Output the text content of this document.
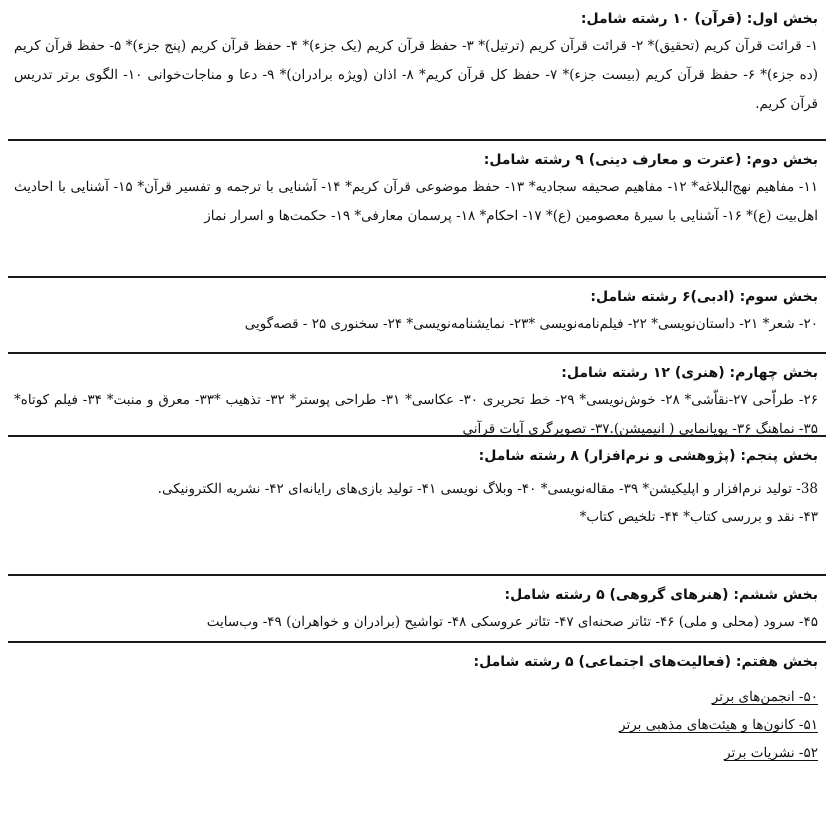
بخش اول: (قرآن) ۱۰ رشته شامل:
۱- قرائت قرآن کریم (تحقیق)* ۲- قرائت قرآن کریم (ترتیل)* ۳- حفظ قرآن کریم (یک جزء)* ۴- حفظ قرآن کریم (پنج جزء)* ۵- حفظ قرآن کریم (ده جزء)* ۶- حفظ قرآن کریم (بیست جزء)* ۷- حفظ کل قرآن کریم* ۸- اذان (ویژه برادران)* ۹- دعا و مناجات‌خوانی ۱۰- الگوی برتر تدریس قرآن کریم.
بخش دوم: (عترت و معارف دینی) ۹ رشته شامل:
۱۱- مفاهیم نهج‌البلاغه* ۱۲- مفاهیم صحیفه سجادیه* ۱۳- حفظ موضوعی قرآن کریم* ۱۴- آشنایی با ترجمه و تفسیر قرآن* ۱۵- آشنایی با احادیث اهل‌بیت (ع)* ۱۶- آشنایی با سیرهٔ معصومین (ع)* ۱۷- احکام* ۱۸- پرسمان معارفی* ۱۹- حکمت‌ها و اسرار نماز
بخش سوم: (ادبی)۶ رشته شامل:
۲۰- شعر* ۲۱- داستان‌نویسی* ۲۲- فیلم‌نامه‌نویسی *۲۳- نمایشنامه‌نویسی* ۲۴- سخنوری ۲۵ - قصه‌گویی
بخش چهارم: (هنری) ۱۲ رشته شامل:
۲۶- طراّحی ۲۷-نقاّشی* ۲۸- خوش‌نویسی* ۲۹- خط تحریری ۳۰- عکاسی* ۳۱- طراحی پوستر* ۳۲- تذهیب *۳۳- معرق و منبت* ۳۴- فیلم کوتاه* ۳۵- نماهنگ ۳۶- پویانمایی ( انیمیشن).۳۷- تصویرگری آیات قرآنی
بخش پنجم: (پژوهشی و نرم‌افزار) ۸ رشته شامل:
38- تولید نرم‌افزار و اپلیکیشن* ۳۹- مقاله‌نویسی* ۴۰- وبلاگ نویسی ۴۱- تولید بازی‌های رایانه‌ای ۴۲- نشریه الکترونیکی.
۴۳- نقد و بررسی کتاب* ۴۴- تلخیص کتاب*
بخش ششم: (هنرهای گروهی) ۵ رشته شامل:
۴۵- سرود (محلی و ملی) ۴۶- تئاتر صحنه‌ای ۴۷- تئاتر عروسکی ۴۸- تواشیح (برادران و خواهران) ۴۹- وب‌سایت
بخش هفتم: (فعالیت‌های اجتماعی) ۵ رشته شامل:
۵۰- انجمن‌های برتر
۵۱- کانون‌ها و هیئت‌های مذهبی برتر
۵۲- نشریات برتر
